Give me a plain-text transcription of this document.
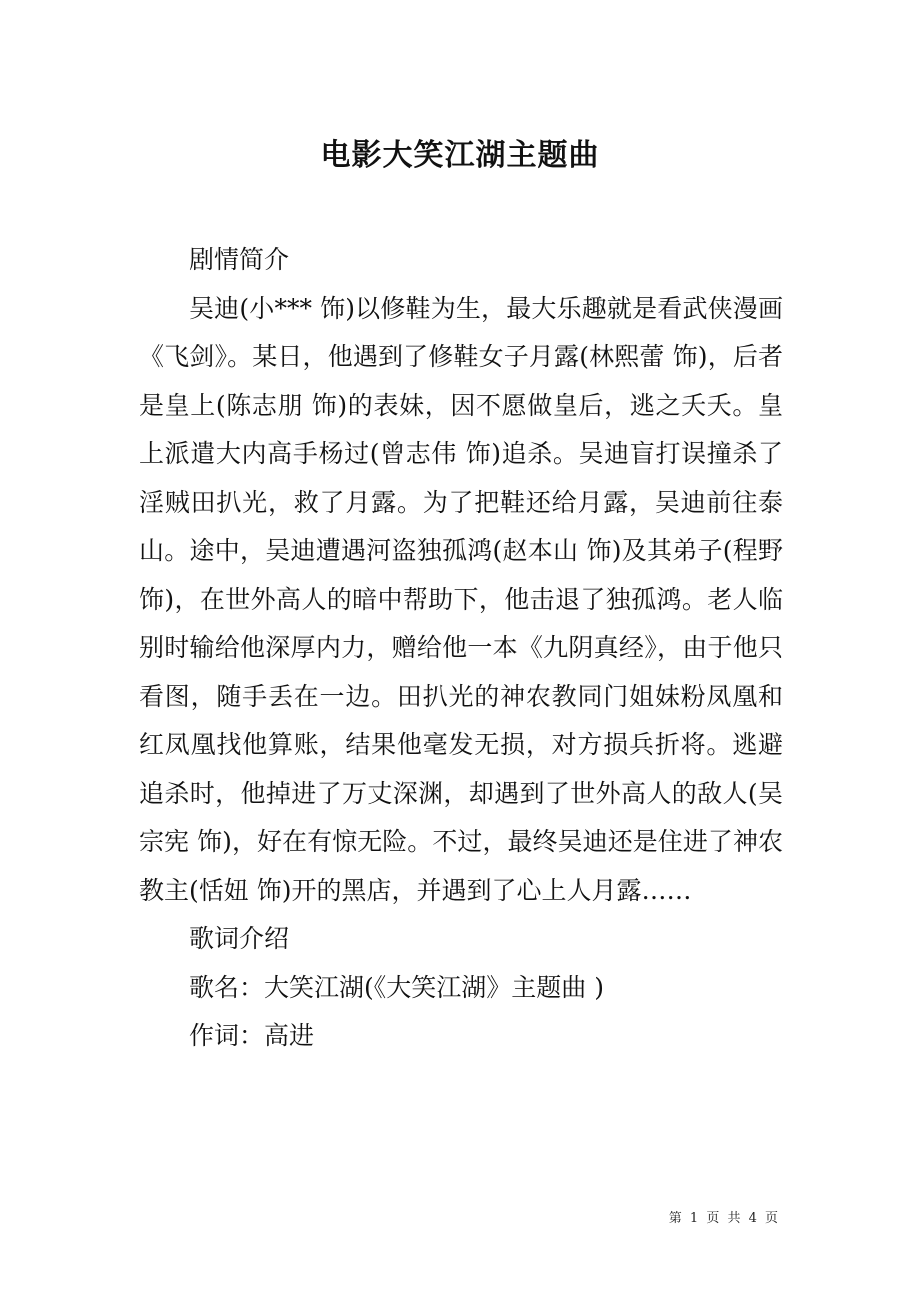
电影大笑江湖主题曲

剧情简介

吴迪(小*** 饰)以修鞋为生，最大乐趣就是看武侠漫画《飞剑》。某日，他遇到了修鞋女子月露(林熙蕾 饰)，后者是皇上(陈志朋 饰)的表妹，因不愿做皇后，逃之夭夭。皇上派遣大内高手杨过(曾志伟 饰)追杀。吴迪盲打误撞杀了淫贼田扒光，救了月露。为了把鞋还给月露，吴迪前往泰山。途中，吴迪遭遇河盗独孤鸿(赵本山 饰)及其弟子(程野 饰)，在世外高人的暗中帮助下，他击退了独孤鸿。老人临别时输给他深厚内力，赠给他一本《九阴真经》，由于他只看图，随手丢在一边。田扒光的神农教同门姐妹粉凤凰和红凤凰找他算账，结果他毫发无损，对方损兵折将。逃避追杀时，他掉进了万丈深渊，却遇到了世外高人的敌人(吴宗宪 饰)，好在有惊无险。不过，最终吴迪还是住进了神农教主(恬妞 饰)开的黑店，并遇到了心上人月露……

歌词介绍

歌名：大笑江湖(《大笑江湖》主题曲 )

作词：高进

第 1 页 共 4 页
